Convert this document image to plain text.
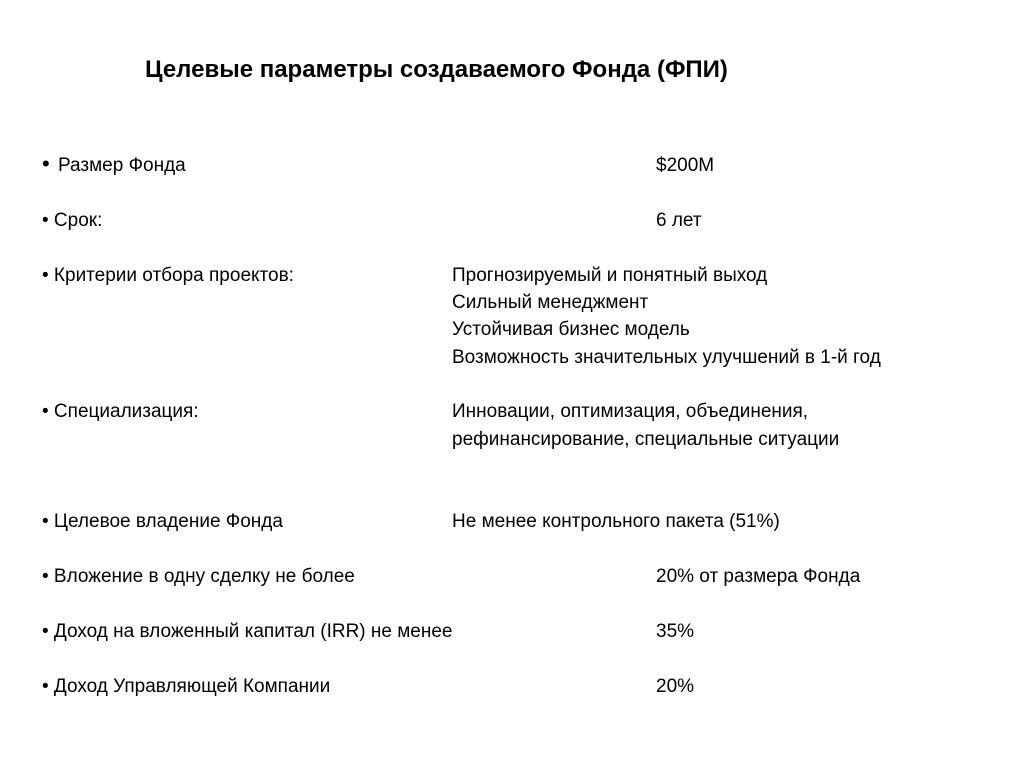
Целевые параметры создаваемого Фонда (ФПИ)
• Размер Фонда	$200M
• Срок:	6 лет
• Критерии отбора проектов:	Прогнозируемый и понятный выход
Сильный менеджмент
Устойчивая бизнес модель
Возможность значительных улучшений в 1-й год
• Специализация:	Инновации, оптимизация, объединения,
рефинансирование, специальные ситуации
• Целевое владение Фонда	Не менее контрольного пакета (51%)
• Вложение в одну сделку не более	20% от размера Фонда
• Доход на вложенный капитал (IRR) не менее	35%
• Доход Управляющей Компании	20%
